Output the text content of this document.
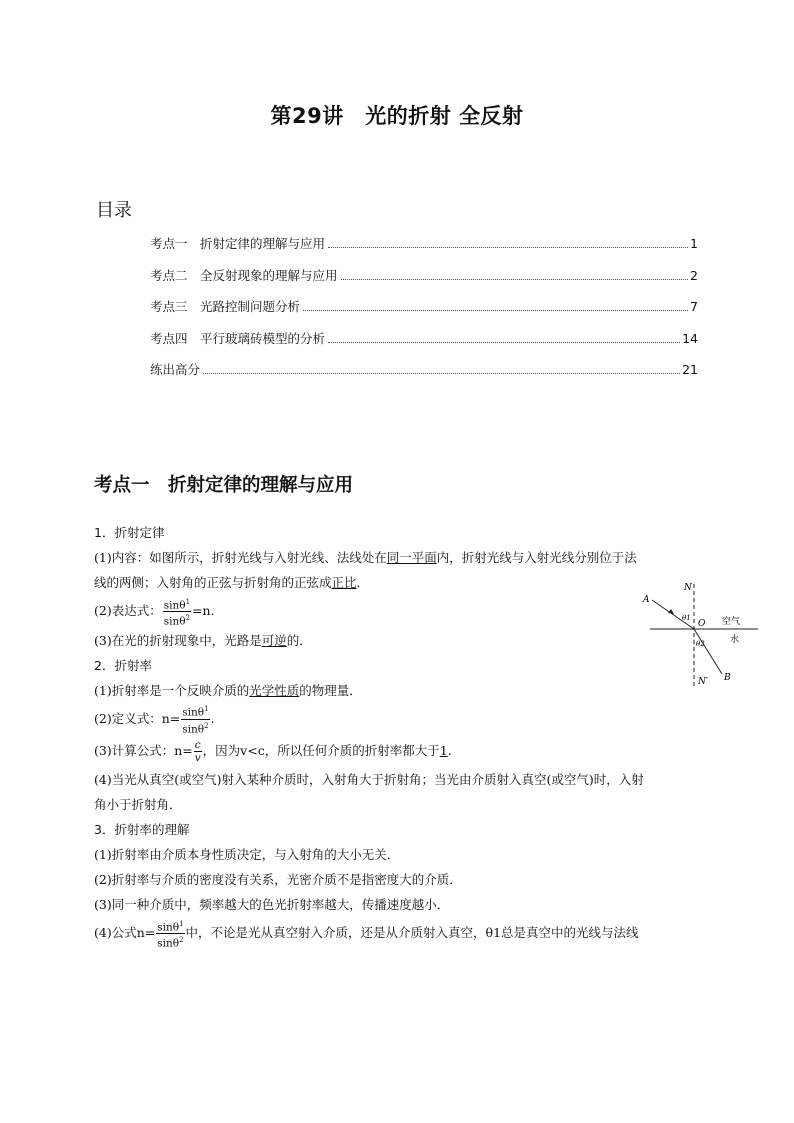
第29讲　光的折射 全反射
目录
考点一　折射定律的理解与应用	1
考点二　全反射现象的理解与应用	2
考点三　光路控制问题分析	7
考点四　平行玻璃砖模型的分析	14
练出高分	21
考点一　折射定律的理解与应用
1．折射定律
(1)内容：如图所示，折射光线与入射光线、法线处在同一平面内，折射光线与入射光线分别位于法
线的两侧；入射角的正弦与折射角的正弦成正比．
(2)表达式： $\frac{\sin\theta^1}{\sin\theta^2} =n$.
(3)在光的折射现象中，光路是可逆的．
2．折射率
(1)折射率是一个反映介质的光学性质的物理量．
(2)定义式：$n= \frac{\sin\theta^1}{\sin\theta^2}$ .
(3)计算公式：$n= \frac{c}{v}$ ，因为v<c，所以任何介质的折射率都大于1.
(4)当光从真空(或空气)射入某种介质时，入射角大于折射角；当光由介质射入真空(或空气)时，入射
角小于折射角．
3．折射率的理解
(1)折射率由介质本身性质决定，与入射角的大小无关．
(2)折射率与介质的密度没有关系，光密介质不是指密度大的介质．
(3)同一种介质中，频率越大的色光折射率越大，传播速度越小．
(4)公式$n= \frac{\sin\theta^1}{\sin\theta^2}$ 中，不论是光从真空射入介质，还是从介质射入真空，θ1总是真空中的光线与法线
N
A
θ1
O 空气
水
θ2
N′ B
